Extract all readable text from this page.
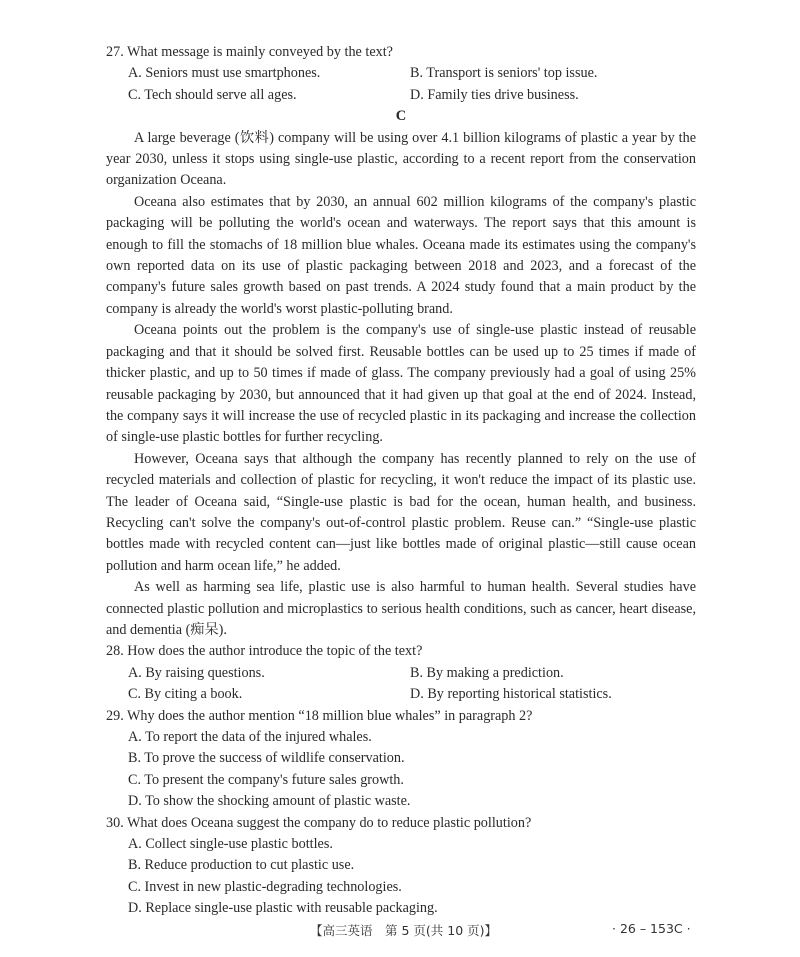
27. What message is mainly conveyed by the text?

A. Seniors must use smartphones.	B. Transport is seniors' top issue.

C. Tech should serve all ages.	D. Family ties drive business.

C

A large beverage (饮料) company will be using over 4.1 billion kilograms of plastic a year by the year 2030, unless it stops using single-use plastic, according to a recent report from the conservation organization Oceana.

Oceana also estimates that by 2030, an annual 602 million kilograms of the company's plastic packaging will be polluting the world's ocean and waterways. The report says that this amount is enough to fill the stomachs of 18 million blue whales. Oceana made its estimates using the company's own reported data on its use of plastic packaging between 2018 and 2023, and a forecast of the company's future sales growth based on past trends. A 2024 study found that a main product by the company is already the world's worst plastic-polluting brand.

Oceana points out the problem is the company's use of single-use plastic instead of reusable packaging and that it should be solved first. Reusable bottles can be used up to 25 times if made of thicker plastic, and up to 50 times if made of glass. The company previously had a goal of using 25% reusable packaging by 2030, but announced that it had given up that goal at the end of 2024. Instead, the company says it will increase the use of recycled plastic in its packaging and increase the collection of single-use plastic bottles for further recycling.

However, Oceana says that although the company has recently planned to rely on the use of recycled materials and collection of plastic for recycling, it won't reduce the impact of its plastic use. The leader of Oceana said, “Single-use plastic is bad for the ocean, human health, and business. Recycling can't solve the company's out-of-control plastic problem. Reuse can.” “Single-use plastic bottles made with recycled content can—just like bottles made of original plastic—still cause ocean pollution and harm ocean life,” he added.

As well as harming sea life, plastic use is also harmful to human health. Several studies have connected plastic pollution and microplastics to serious health conditions, such as cancer, heart disease, and dementia (痴呆).

28. How does the author introduce the topic of the text?

A. By raising questions.	B. By making a prediction.

C. By citing a book.	D. By reporting historical statistics.

29. Why does the author mention “18 million blue whales” in paragraph 2?

A. To report the data of the injured whales.

B. To prove the success of wildlife conservation.

C. To present the company's future sales growth.

D. To show the shocking amount of plastic waste.

30. What does Oceana suggest the company do to reduce plastic pollution?

A. Collect single-use plastic bottles.

B. Reduce production to cut plastic use.

C. Invest in new plastic-degrading technologies.

D. Replace single-use plastic with reusable packaging.

【高三英语　第 5 页(共 10 页)】	· 26 – 153C ·
